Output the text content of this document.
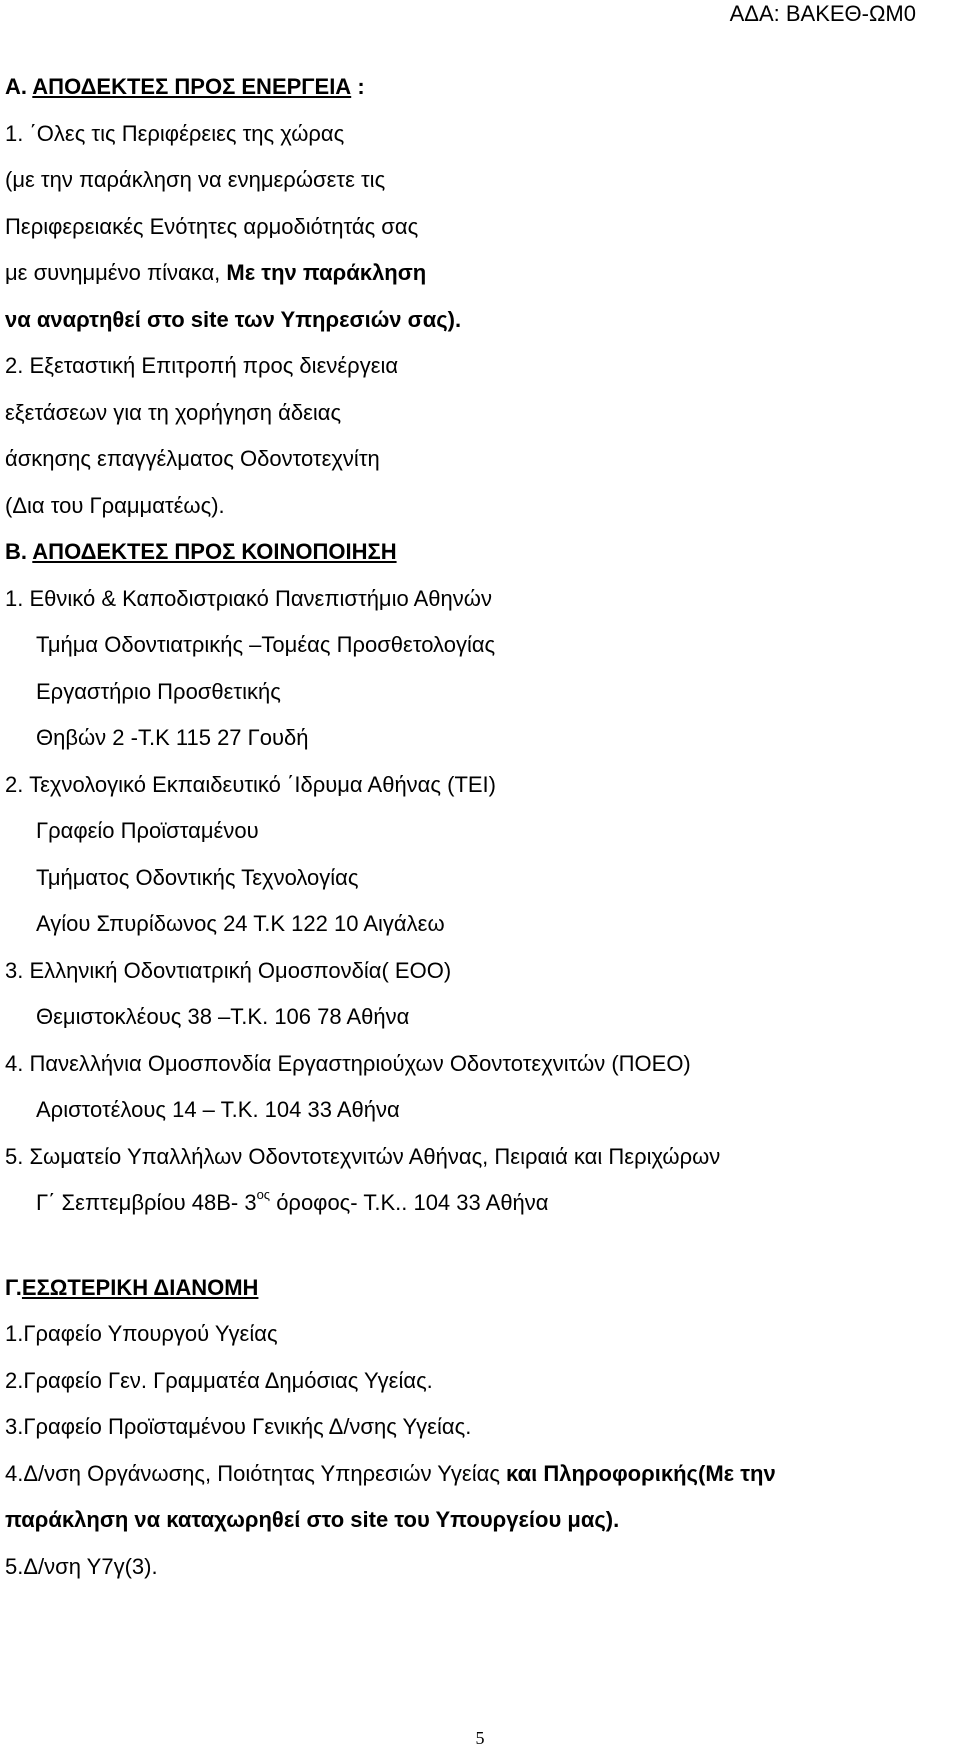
ΑΔΑ: ΒΑΚΕΘ-ΩΜ0
Α. ΑΠΟΔΕΚΤΕΣ ΠΡΟΣ ΕΝΕΡΓΕΙΑ :
1. ΄Ολες τις Περιφέρειες της χώρας
(με την παράκληση να ενημερώσετε τις
Περιφερειακές Ενότητες αρμοδιότητάς σας
με συνημμένο πίνακα, Με την παράκληση
να αναρτηθεί στο site των Υπηρεσιών σας).
2. Εξεταστική Επιτροπή προς διενέργεια
εξετάσεων για τη χορήγηση άδειας
άσκησης επαγγέλματος Οδοντοτεχνίτη
(Δια του Γραμματέως).
Β. ΑΠΟΔΕΚΤΕΣ ΠΡΟΣ ΚΟΙΝΟΠΟΙΗΣΗ
1. Εθνικό & Καποδιστριακό Πανεπιστήμιο Αθηνών
Τμήμα Οδοντιατρικής –Τομέας Προσθετολογίας
Εργαστήριο Προσθετικής
Θηβών 2 -Τ.Κ 115 27 Γουδή
2. Τεχνολογικό Εκπαιδευτικό ΄Ιδρυμα Αθήνας (ΤΕΙ)
Γραφείο Προϊσταμένου
Τμήματος Οδοντικής Τεχνολογίας
Αγίου Σπυρίδωνος 24 Τ.Κ 122 10 Αιγάλεω
3. Ελληνική Οδοντιατρική Ομοσπονδία( ΕΟΟ)
Θεμιστοκλέους 38 –Τ.Κ. 106 78 Αθήνα
4. Πανελλήνια Ομοσπονδία Εργαστηριούχων Οδοντοτεχνιτών (ΠΟΕΟ)
Αριστοτέλους 14 – Τ.Κ. 104 33 Αθήνα
5. Σωματείο Υπαλλήλων Οδοντοτεχνιτών Αθήνας, Πειραιά και Περιχώρων
Γ΄ Σεπτεμβρίου 48Β- $3^{o\varsigma}$ όροφος- Τ.Κ.. 104 33 Αθήνα
Γ.ΕΣΩΤΕΡΙΚΗ ΔΙΑΝΟΜΗ
1.Γραφείο Υπουργού Υγείας
2.Γραφείο Γεν. Γραμματέα Δημόσιας Υγείας.
3.Γραφείο Προϊσταμένου Γενικής Δ/νσης Υγείας.
4.Δ/νση Οργάνωσης, Ποιότητας Υπηρεσιών Υγείας και Πληροφορικής(Με την
παράκληση να καταχωρηθεί στο site του Υπουργείου μας).
5.Δ/νση Υ7γ(3).
5
